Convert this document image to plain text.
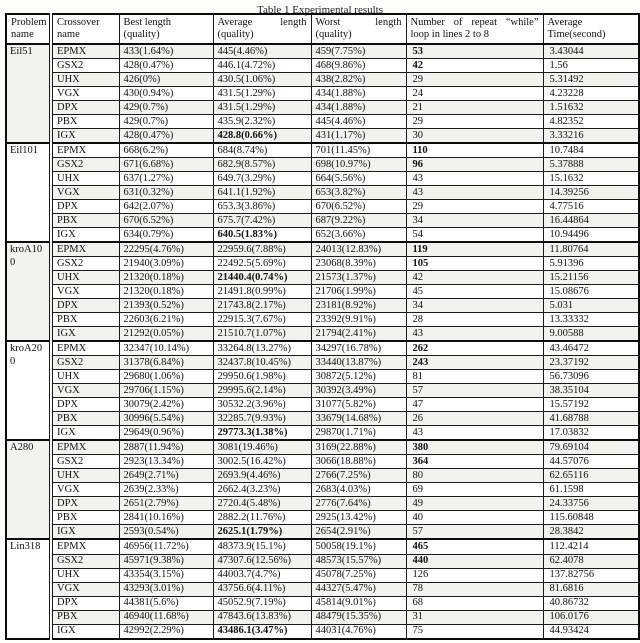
Table 1 Experimental results
Problem name	Crossover name	Best length (quality)	Average length (quality)	Worst length (quality)	Number of repeat “while” loop in lines 2 to 8	Average Time(second)
Eil51	EPMX	433(1.64%)	445(4.46%)	459(7.75%)	53	3.43044
	GSX2	428(0.47%)	446.1(4.72%)	468(9.86%)	42	1.56
	UHX	426(0%)	430.5(1.06%)	438(2.82%)	29	5.31492
	VGX	430(0.94%)	431.5(1.29%)	434(1.88%)	24	4.23228
	DPX	429(0.7%)	431.5(1.29%)	434(1.88%)	21	1.51632
	PBX	429(0.7%)	435.9(2.32%)	445(4.46%)	29	4.82352
	IGX	428(0.47%)	428.8(0.66%)	431(1.17%)	30	3.33216
Eil101	EPMX	668(6.2%)	684(8.74%)	701(11.45%)	110	10.7484
	GSX2	671(6.68%)	682.9(8.57%)	698(10.97%)	96	5.37888
	UHX	637(1.27%)	649.7(3.29%)	664(5.56%)	43	15.1632
	VGX	631(0.32%)	641.1(1.92%)	653(3.82%)	43	14.39256
	DPX	642(2.07%)	653.3(3.86%)	670(6.52%)	29	4.77516
	PBX	670(6.52%)	675.7(7.42%)	687(9.22%)	34	16.44864
	IGX	634(0.79%)	640.5(1.83%)	652(3.66%)	54	10.94496
kroA100	EPMX	22295(4.76%)	22959.6(7.88%)	24013(12.83%)	119	11.80764
	GSX2	21940(3.09%)	22492.5(5.69%)	23068(8.39%)	105	5.91396
	UHX	21320(0.18%)	21440.4(0.74%)	21573(1.37%)	42	15.21156
	VGX	21320(0.18%)	21491.8(0.99%)	21706(1.99%)	45	15.08676
	DPX	21393(0.52%)	21743.8(2.17%)	23181(8.92%)	34	5.031
	PBX	22603(6.21%)	22915.3(7.67%)	23392(9.91%)	28	13.33332
	IGX	21292(0.05%)	21510.7(1.07%)	21794(2.41%)	43	9.00588
kroA200	EPMX	32347(10.14%)	33264.8(13.27%)	34297(16.78%)	262	43.46472
	GSX2	31378(6.84%)	32437.8(10.45%)	33440(13.87%)	243	23.37192
	UHX	29680(1.06%)	29950.6(1.98%)	30872(5.12%)	81	56.73096
	VGX	29706(1.15%)	29995.6(2.14%)	30392(3.49%)	57	38.35104
	DPX	30079(2.42%)	30532.2(3.96%)	31077(5.82%)	47	15.57192
	PBX	30996(5.54%)	32285.7(9.93%)	33679(14.68%)	26	41.68788
	IGX	29649(0.96%)	29773.3(1.38%)	29870(1.71%)	43	17.03832
A280	EPMX	2887(11.94%)	3081(19.46%)	3169(22.88%)	380	79.69104
	GSX2	2923(13.34%)	3002.5(16.42%)	3066(18.88%)	364	44.57076
	UHX	2649(2.71%)	2693.9(4.46%)	2766(7.25%)	80	62.65116
	VGX	2639(2.33%)	2662.4(3.23%)	2683(4.03%)	69	61.1598
	DPX	2651(2.79%)	2720.4(5.48%)	2776(7.64%)	49	24.33756
	PBX	2841(10.16%)	2882.2(11.76%)	2925(13.42%)	40	115.60848
	IGX	2593(0.54%)	2625.1(1.79%)	2654(2.91%)	57	28.3842
Lin318	EPMX	46956(11.72%)	48373.9(15.1%)	50058(19.1%)	465	112.4214
	GSX2	45971(9.38%)	47307.6(12.56%)	48573(15.57%)	440	62.4078
	UHX	43354(3.15%)	44003.7(4.7%)	45078(7.25%)	126	137.82756
	VGX	43293(3.01%)	43756.6(4.11%)	44327(5.47%)	78	81.6816
	DPX	44381(5.6%)	45052.9(7.19%)	45814(9.01%)	68	40.86732
	PBX	46940(11.68%)	47843.6(13.83%)	48479(15.35%)	31	106.0176
	IGX	42992(2.29%)	43486.1(3.47%)	44031(4.76%)	75	44.93424
